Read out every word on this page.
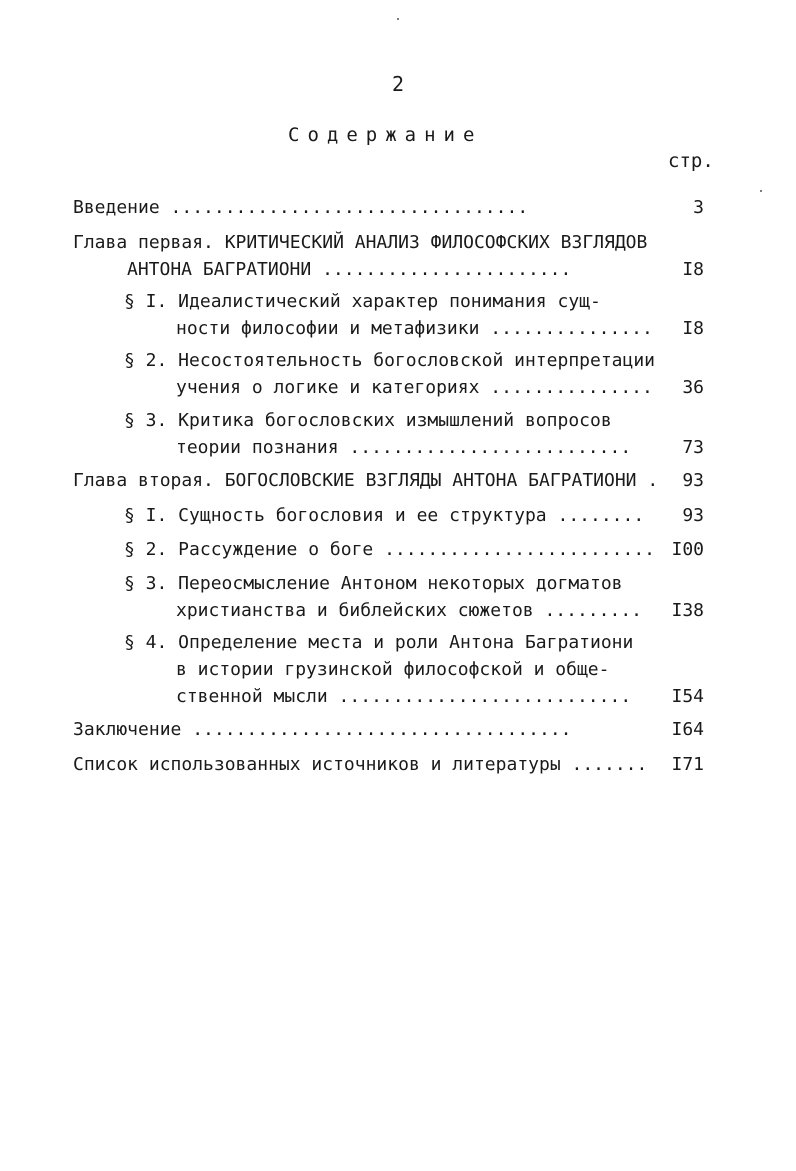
2
Содержание
стр.
Введение .................................	3
Глава первая. КРИТИЧЕСКИЙ АНАЛИЗ ФИЛОСОФСКИХ ВЗГЛЯДОВ
АНТОНА БАГРАТИОНИ .......................	I8
§ I. Идеалистический характер понимания сущ-
ности философии и метафизики ...............	I8
§ 2. Несостоятельность богословской интерпретации
учения о логике и категориях ...............	36
§ 3. Критика богословских измышлений вопросов
теории познания ..........................	73
Глава вторая. БОГОСЛОВСКИЕ ВЗГЛЯДЫ АНТОНА БАГРАТИОНИ .	93
§ I. Сущность богословия и ее структура ........	93
§ 2. Рассуждение о боге ......................... I00
§ 3. Переосмысление Антоном некоторых догматов
христианства и библейских сюжетов .........	I38
§ 4. Определение места и роли Антона Багратиони
в истории грузинской философской и обще-
ственной мысли ...........................	I54
Заключение ...................................	I64
Список использованных источников и литературы .......	I71
